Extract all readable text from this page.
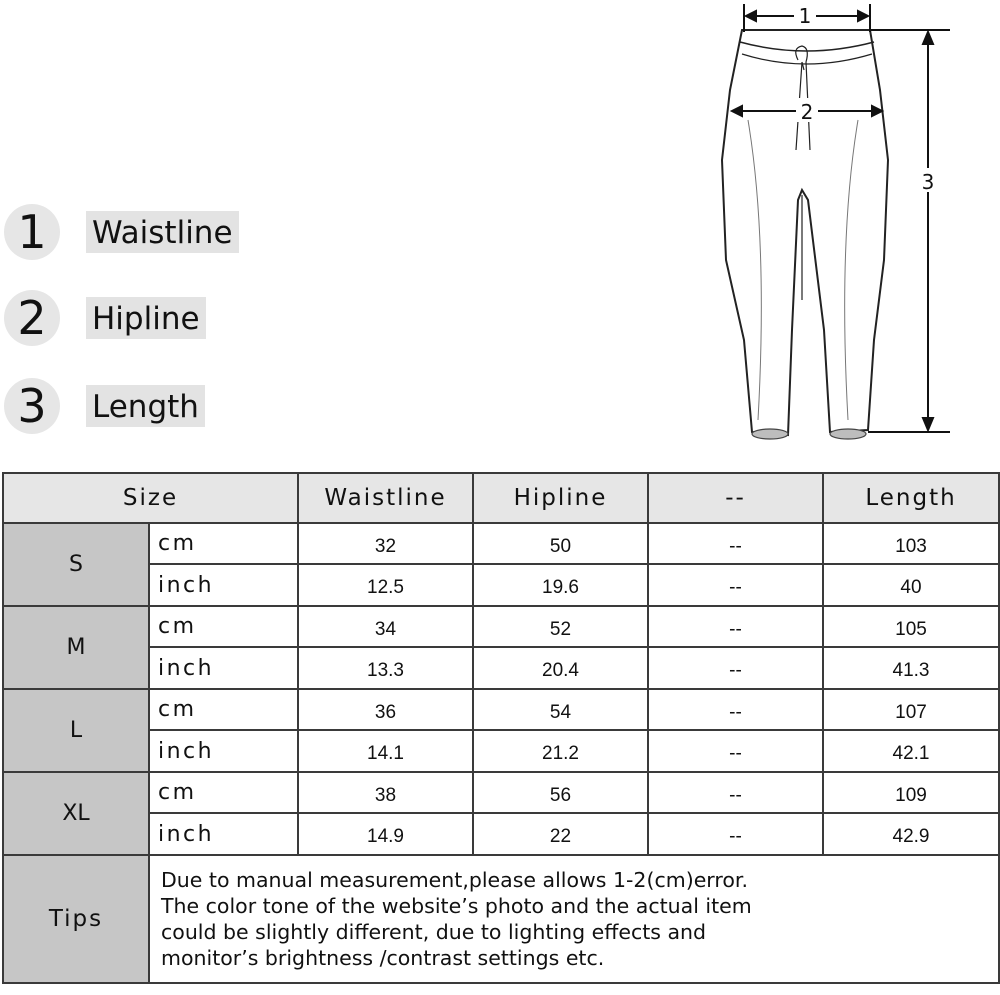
1	Waistline
2	Hipline
3	Length
1
2
3
Size		Waistline	Hipline	--	Length
S	cm	32	50	--	103
	inch	12.5	19.6	--	40
M	cm	34	52	--	105
	inch	13.3	20.4	--	41.3
L	cm	36	54	--	107
	inch	14.1	21.2	--	42.1
XL	cm	38	56	--	109
	inch	14.9	22	--	42.9
Tips	Due to manual measurement,please allows 1-2(cm)error.
The color tone of the website’s photo and the actual item
could be slightly different, due to lighting effects and
monitor’s brightness /contrast settings etc.				
